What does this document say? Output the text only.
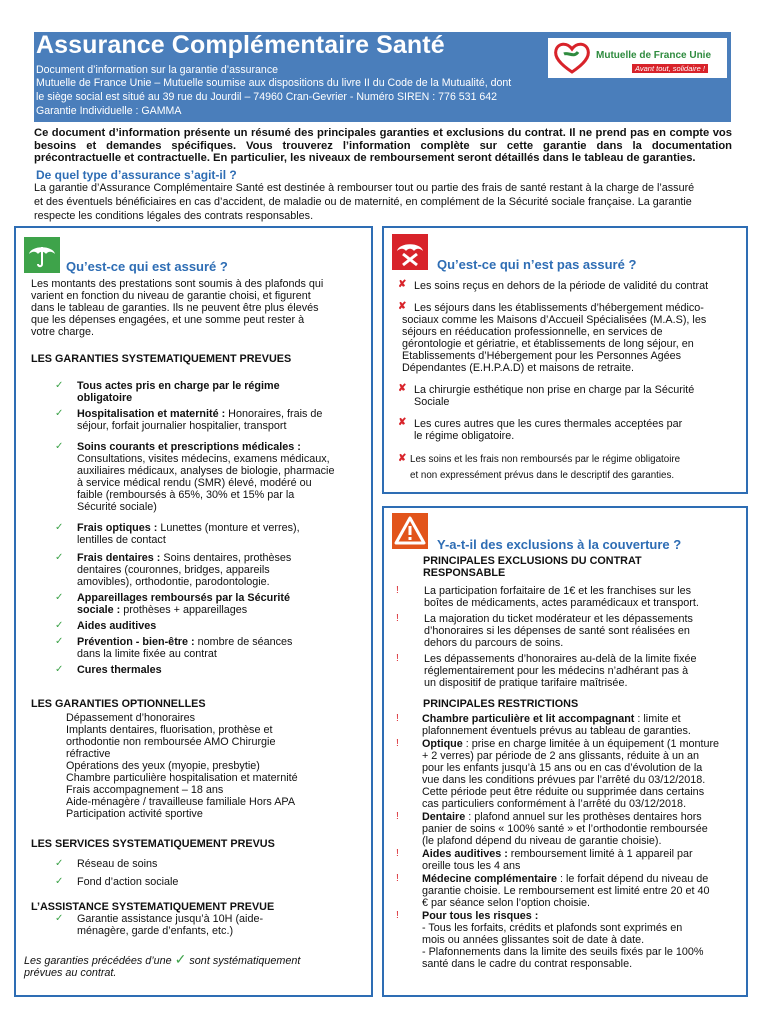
Assurance Complémentaire Santé
Document d’information sur la garantie d’assurance
Mutuelle de France Unie – Mutuelle soumise aux dispositions du livre II du Code de la Mutualité, dont
le siège social est situé au 39 rue du Jourdil – 74960 Cran-Gevrier - Numéro SIREN : 776 531 642
Garantie Individuelle : GAMMA
Mutuelle de France Unie
Avant tout, solidaire !
Ce document d’information présente un résumé des principales garanties et exclusions du contrat. Il ne prend pas en compte vos besoins et demandes spécifiques. Vous trouverez l’information complète sur cette garantie dans la documentation précontractuelle et contractuelle. En particulier, les niveaux de remboursement seront détaillés dans le tableau de garanties.
De quel type d’assurance s’agit-il ?
La garantie d’Assurance Complémentaire Santé est destinée à rembourser tout ou partie des frais de santé restant à la charge de l’assuré
et des éventuels bénéficiaires en cas d’accident, de maladie ou de maternité, en complément de la Sécurité sociale française. La garantie
respecte les conditions légales des contrats responsables.
Qu’est-ce qui est assuré ?
Les montants des prestations sont soumis à des plafonds qui
varient en fonction du niveau de garantie choisi, et figurent
dans le tableau de garanties. Ils ne peuvent être plus élevés
que les dépenses engagées, et une somme peut rester à
votre charge.
LES GARANTIES SYSTEMATIQUEMENT PREVUES
✓ Tous actes pris en charge par le régime
obligatoire
✓ Hospitalisation et maternité : Honoraires, frais de
séjour, forfait journalier hospitalier, transport
✓ Soins courants et prescriptions médicales :
Consultations, visites médecins, examens médicaux,
auxiliaires médicaux, analyses de biologie, pharmacie
à service médical rendu (SMR) élevé, modéré ou
faible (remboursés à 65%, 30% et 15% par la
Sécurité sociale)

✓ Frais optiques : Lunettes (monture et verres),
lentilles de contact
✓ Frais dentaires : Soins dentaires, prothèses
dentaires (couronnes, bridges, appareils
amovibles), orthodontie, parodontologie.

✓ Appareillages remboursés par la Sécurité
sociale : prothèses + appareillages
✓ Aides auditives
✓ Prévention - bien-être : nombre de séances
dans la limite fixée au contrat
✓ Cures thermales
LES GARANTIES OPTIONNELLES
Dépassement d’honoraires
Implants dentaires, fluorisation, prothèse et
orthodontie non remboursée AMO Chirurgie
réfractive
Opérations des yeux (myopie, presbytie)
Chambre particulière hospitalisation et maternité
Frais accompagnement – 18 ans
Aide-ménagère / travailleuse familiale Hors APA
Participation activité sportive
LES SERVICES SYSTEMATIQUEMENT PREVUS
✓ Réseau de soins
✓ Fond d’action sociale
L’ASSISTANCE SYSTEMATIQUEMENT PREVUE
✓ Garantie assistance jusqu’à 10H (aide-
ménagère, garde d’enfants, etc.)
Les garanties précédées d’une ✓ sont systématiquement
prévues au contrat.
Qu’est-ce qui n’est pas assuré ?
✘ Les soins reçus en dehors de la période de validité du contrat
✘ Les séjours dans les établissements d’hébergement médico-
sociaux comme les Maisons d’Accueil Spécialisées (M.A.S), les
séjours en rééducation professionnelle, en services de
gérontologie et gériatrie, et établissements de long séjour, en
Etablissements d’Hébergement pour les Personnes Agées
Dépendantes (E.H.P.A.D) et maisons de retraite.
✘ La chirurgie esthétique non prise en charge par la Sécurité
Sociale
✘ Les cures autres que les cures thermales acceptées par
le régime obligatoire.
✘ Les soins et les frais non remboursés par le régime obligatoire
et non expressément prévus dans le descriptif des garanties.
Y-a-t-il des exclusions à la couverture ?
PRINCIPALES EXCLUSIONS DU CONTRAT
RESPONSABLE
! La participation forfaitaire de 1€ et les franchises sur les
boîtes de médicaments, actes paramédicaux et transport.
! La majoration du ticket modérateur et les dépassements
d’honoraires si les dépenses de santé sont réalisées en
dehors du parcours de soins.
! Les dépassements d’honoraires au-delà de la limite fixée
réglementairement pour les médecins n’adhérant pas à
un dispositif de pratique tarifaire maîtrisée.
PRINCIPALES RESTRICTIONS
! Chambre particulière et lit accompagnant : limite et
plafonnement éventuels prévus au tableau de garanties.
! Optique : prise en charge limitée à un équipement (1 monture
+ 2 verres) par période de 2 ans glissants, réduite à un an
pour les enfants jusqu’à 15 ans ou en cas d’évolution de la
vue dans les conditions prévues par l’arrêté du 03/12/2018.
Cette période peut être réduite ou supprimée dans certains
cas particuliers conformément à l’arrêté du 03/12/2018.
! Dentaire : plafond annuel sur les prothèses dentaires hors
panier de soins « 100% santé » et l’orthodontie remboursée
(le plafond dépend du niveau de garantie choisie).
! Aides auditives : remboursement limité à 1 appareil par
oreille tous les 4 ans
! Médecine complémentaire : le forfait dépend du niveau de
garantie choisie. Le remboursement est limité entre 20 et 40
€ par séance selon l’option choisie.
! Pour tous les risques :
- Tous les forfaits, crédits et plafonds sont exprimés en
mois ou années glissantes soit de date à date.
- Plafonnements dans la limite des seuils fixés par le 100%
santé dans le cadre du contrat responsable.
